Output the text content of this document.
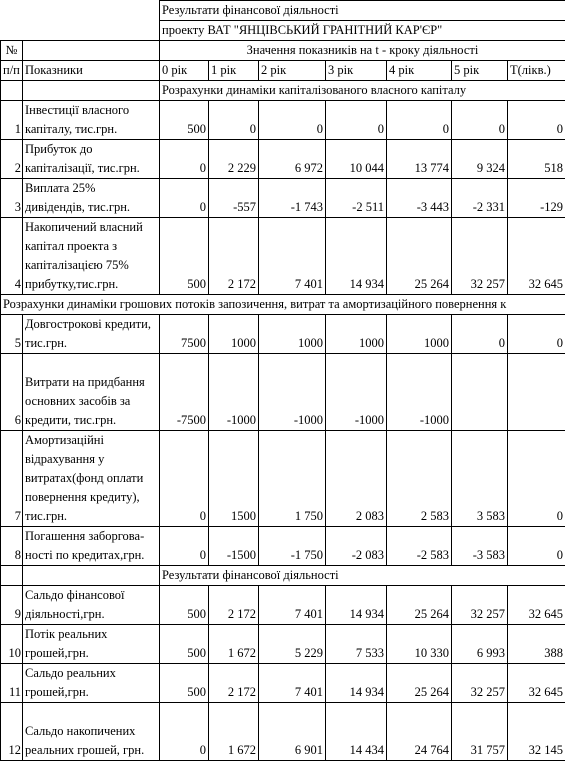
		Результати фінансової діяльності						
		проекту ВАТ "ЯНЦІВСЬКИЙ ГРАНІТНИЙ КАР'ЄР"						
№		Значення показників на t - кроку діяльності						
п/п	Показники	0 рік	1 рік	2 рік	3 рік	4 рік	5 рік	T(лікв.)
		Розрахунки динаміки капіталізованого власного капіталу						
1	Інвестиції власного капіталу, тис.грн.	500	0	0	0	0	0	0
2	Прибуток до капіталізації, тис.грн.	0	2 229	6 972	10 044	13 774	9 324	518
3	Виплата 25% дивідендів, тис.грн.	0	-557	-1 743	-2 511	-3 443	-2 331	-129
4	Накопичений власний капітал проекта з капіталізацією 75% прибутку,тис.грн.	500	2 172	7 401	14 934	25 264	32 257	32 645
Розрахунки динаміки грошових потоків запозичення, витрат та амортизаційного повернення к								
5	Довгострокові кредити, тис.грн.	7500	1000	1000	1000	1000	0	0
6	Витрати на придбання основних засобів за кредити, тис.грн.	-7500	-1000	-1000	-1000	-1000		
7	Амортизаційні відрахування у витратах(фонд оплати повернення кредиту), тис.грн.	0	1500	1 750	2 083	2 583	3 583	0
8	Погашення заборгова-ності по кредитах,грн.	0	-1500	-1 750	-2 083	-2 583	-3 583	0
		Результати фінансової діяльності						
9	Сальдо фінансової діяльності,грн.	500	2 172	7 401	14 934	25 264	32 257	32 645
10	Потік реальних грошей,грн.	500	1 672	5 229	7 533	10 330	6 993	388
11	Сальдо реальних грошей,грн.	500	2 172	7 401	14 934	25 264	32 257	32 645
12	Сальдо накопичених реальних грошей, грн.	0	1 672	6 901	14 434	24 764	31 757	32 145
